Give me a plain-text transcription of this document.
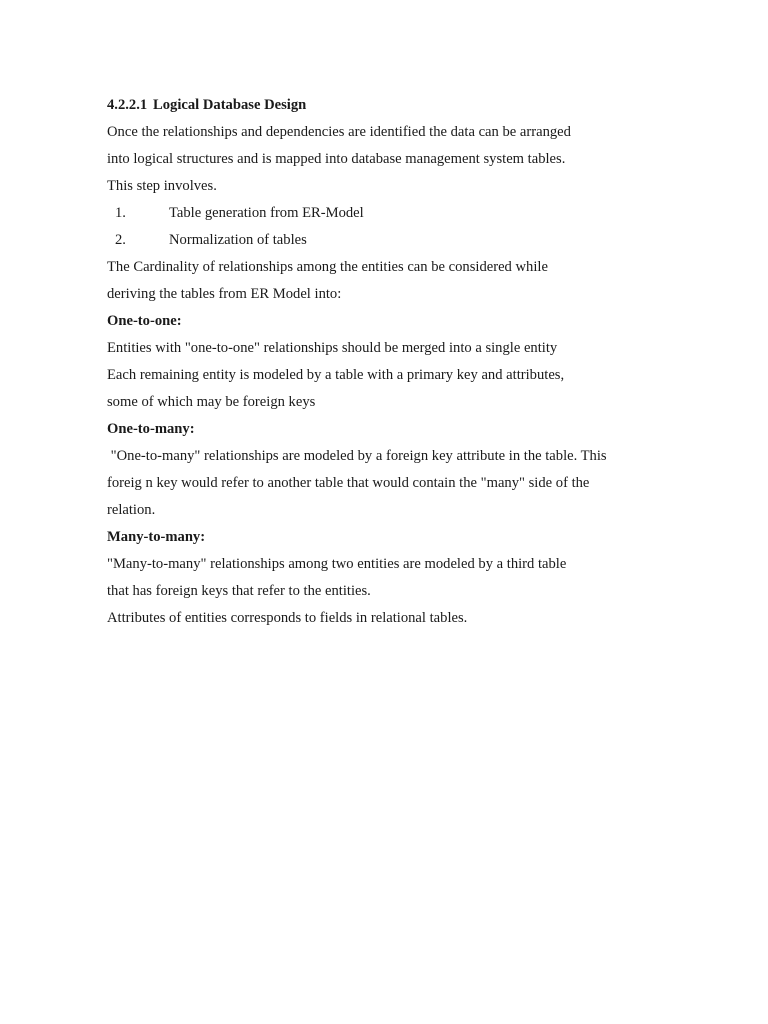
4.2.2.1 Logical Database Design
Once the relationships and dependencies are identified the data can be arranged
into logical structures and is mapped into database management system tables.
This step involves.
1.	Table generation from ER-Model
2.	Normalization of tables
The Cardinality of relationships among the entities can be considered while
deriving the tables from ER Model into:
One-to-one:
Entities with "one-to-one" relationships should be merged into a single entity
Each remaining entity is modeled by a table with a primary key and attributes,
some of which may be foreign keys
One-to-many:
"One-to-many" relationships are modeled by a foreign key attribute in the table. This
foreig n key would refer to another table that would contain the "many" side of the
relation.
Many-to-many:
"Many-to-many" relationships among two entities are modeled by a third table
that has foreign keys that refer to the entities.
Attributes of entities corresponds to fields in relational tables.
